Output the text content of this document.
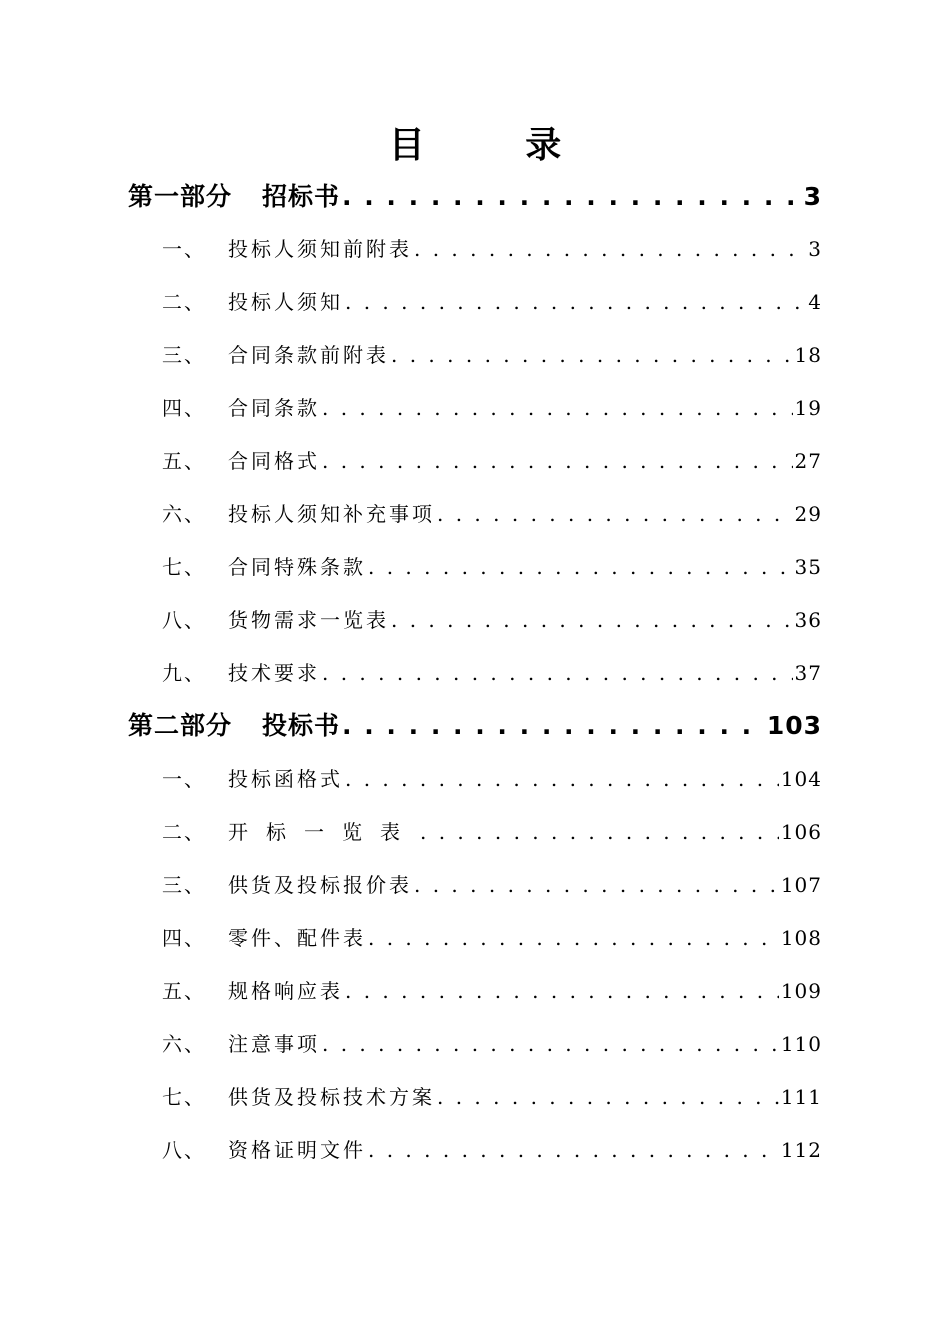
目 录
第一部分 招标书 . . .	3
一、	投标人须知前附表 . . .	3
二、	投标人须知 . . .	4
三、	合同条款前附表 . . .	18
四、	合同条款 . . .	19
五、	合同格式 . . .	27
六、	投标人须知补充事项 . . .	29
七、	合同特殊条款 . . .	35
八、	货物需求一览表 . . .	36
九、	技术要求 . . .	37
第二部分 投标书 . . .	103
一、	投标函格式 . . .	104
二、	开标一览表 . . .	106
三、	供货及投标报价表 . . .	107
四、	零件、配件表 . . .	108
五、	规格响应表 . . .	109
六、	注意事项 . . .	110
七、	供货及投标技术方案 . . .	111
八、	资格证明文件 . . .	112
